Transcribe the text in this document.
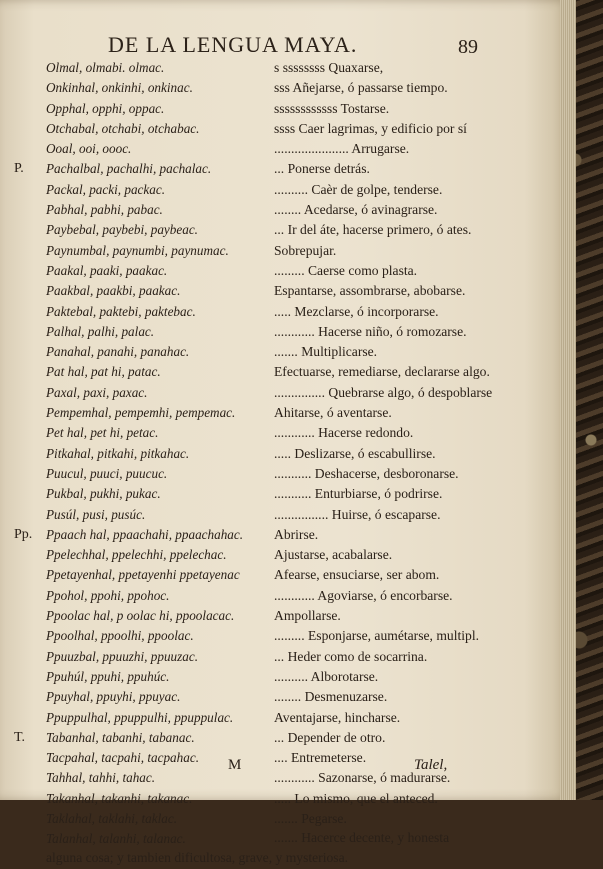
DE LA LENGUA MAYA.	89
Olmal, olmabi. olmac.	s ssssssss Quaxarse,
Onkinhal, onkinhi, onkinac.	sss Añejarse, ó passarse tiempo.
Opphal, opphi, oppac.	ssssssssssss Tostarse.
Otchabal, otchabi, otchabac.	ssss Caer lagrimas, y edificio por sí
Ooal, ooi, oooc.	...................... Arrugarse.
P.	Pachalbal, pachalhi, pachalac.	... Ponerse detrás.
Packal, packi, packac.	.......... Caèr de golpe, tenderse.
Pabhal, pabhi, pabac.	........ Acedarse, ó avinagrarse.
Paybebal, paybebi, paybeac.	... Ir del áte, hacerse primero, ó ates.
Paynumbal, paynumbi, paynumac.	Sobrepujar.
Paakal, paaki, paakac.	......... Caerse como plasta.
Paakbal, paakbi, paakac.	Espantarse, assombrarse, abobarse.
Paktebal, paktebi, paktebac.	..... Mezclarse, ó incorporarse.
Palhal, palhi, palac.	............ Hacerse niño, ó romozarse.
Panahal, panahi, panahac.	....... Multiplicarse.
Pat hal, pat hi, patac.	Efectuarse, remediarse, declararse algo.
Paxal, paxi, paxac.	............... Quebrarse algo, ó despoblarse
Pempemhal, pempemhi, pempemac.	Ahitarse, ó aventarse.
Pet hal, pet hi, petac.	............ Hacerse redondo.
Pitkahal, pitkahi, pitkahac.	..... Deslizarse, ó escabullirse.
Puucul, puuci, puucuc.	........... Deshacerse, desboronarse.
Pukbal, pukhi, pukac.	........... Enturbiarse, ó podrirse.
Pusúl, pusi, pusúc.	................ Huirse, ó escaparse.
Pp.	Ppaach hal, ppaachahi, ppaachahac. Abrirse.
Ppelechhal, ppelechhi, ppelechac.	Ajustarse, acabalarse.
Ppetayenhal, ppetayenhi ppetayenac	Afearse, ensuciarse, ser abom.
Ppohol, ppohi, ppohoc.	............ Agoviarse, ó encorbarse.
Ppoolac hal, p oolac hi, ppoolacac.	Ampollarse.
Ppoolhal, ppoolhi, ppoolac.	......... Esponjarse, aumétarse, multipl.
Ppuuzbal, ppuuzhi, ppuuzac.	... Heder como de socarrina.
Ppuhúl, ppuhi, ppuhúc.	.......... Alborotarse.
Ppuyhal, ppuyhi, ppuyac.	........ Desmenuzarse.
Ppuppulhal, ppuppulhi, ppuppulac.	Aventajarse, hincharse.
T.	Tabanhal, tabanhi, tabanac.	... Depender de otro.
Tacpahal, tacpahi, tacpahac.	.... Entremeterse.
Tahhal, tahhi, tahac.	............ Sazonarse, ó madurarse.
Takanhal, takanhi, takanac.	..... Lo mismo, que el anteced.
Taklahal, taklahi, taklac.	....... Pegarse.
Talanhal, talanhi, talanac.	....... Hacerce decente, y honesta
alguna cosa; y tambien dificultosa, grave, y mysteriosa.
M	Talel,
